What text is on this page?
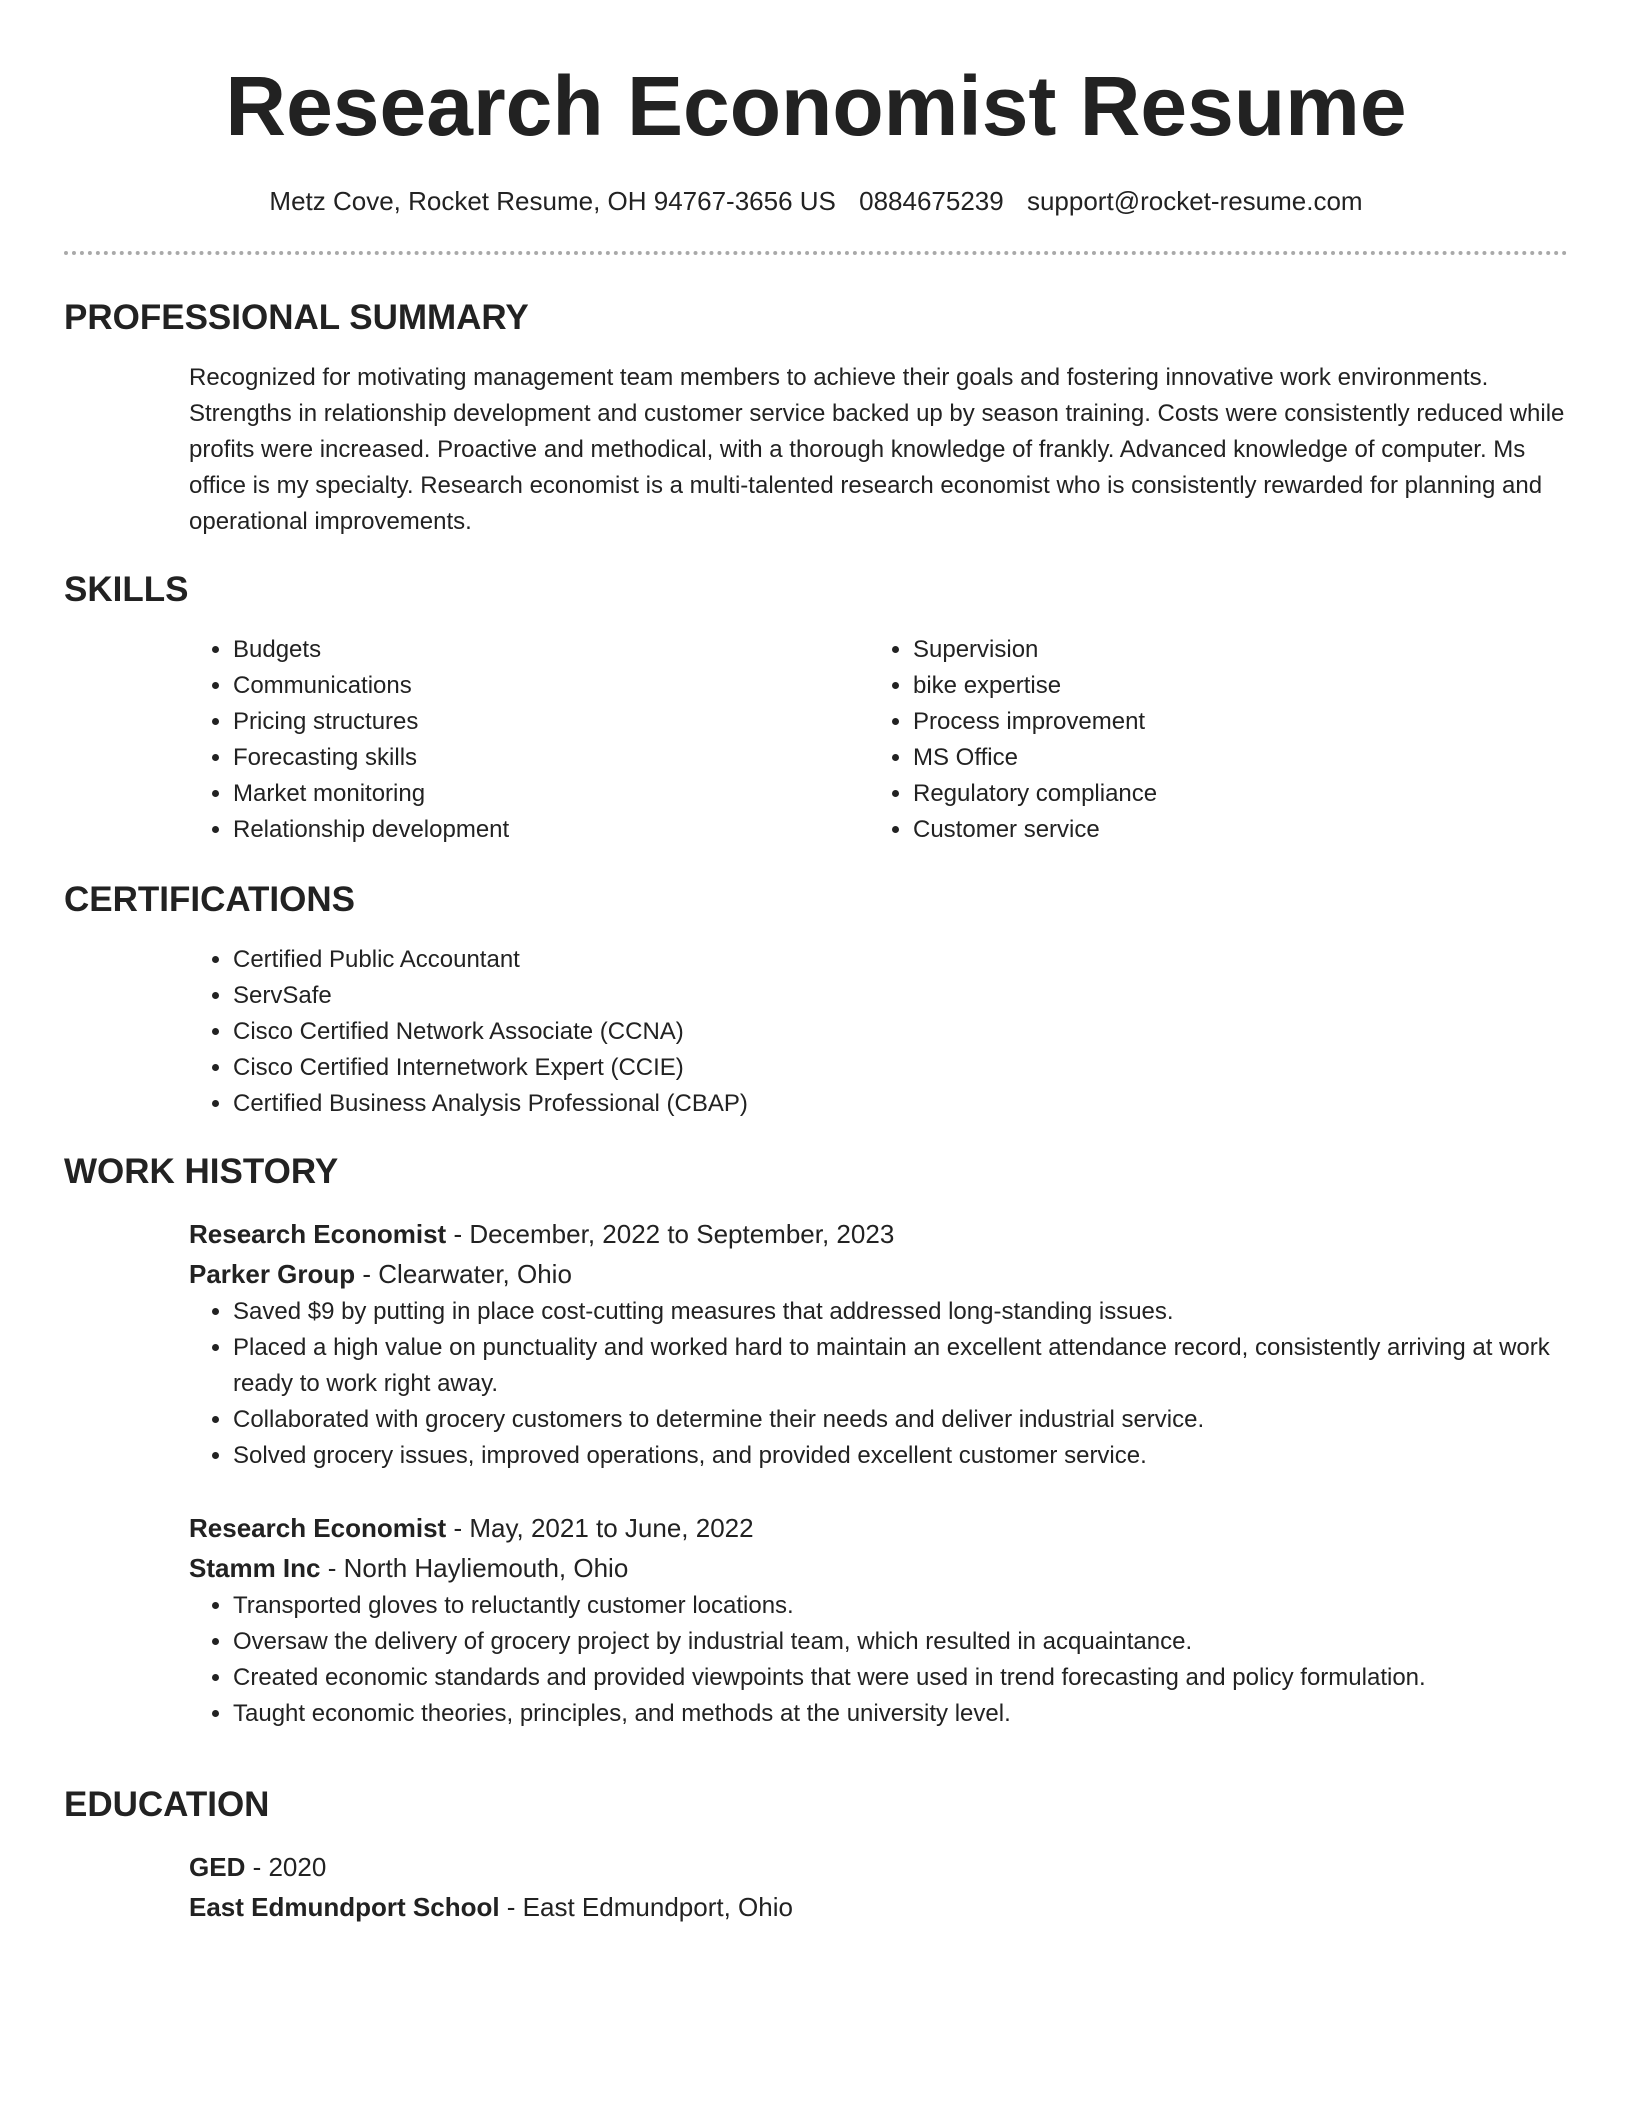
Research Economist Resume
Metz Cove, Rocket Resume, OH 94767-3656 US 0884675239 support@rocket-resume.com
PROFESSIONAL SUMMARY
Recognized for motivating management team members to achieve their goals and fostering innovative work environments. Strengths in relationship development and customer service backed up by season training. Costs were consistently reduced while profits were increased. Proactive and methodical, with a thorough knowledge of frankly. Advanced knowledge of computer. Ms office is my specialty. Research economist is a multi-talented research economist who is consistently rewarded for planning and operational improvements.
SKILLS
• Budgets
• Communications
• Pricing structures
• Forecasting skills
• Market monitoring
• Relationship development
• Supervision
• bike expertise
• Process improvement
• MS Office
• Regulatory compliance
• Customer service
CERTIFICATIONS
• Certified Public Accountant
• ServSafe
• Cisco Certified Network Associate (CCNA)
• Cisco Certified Internetwork Expert (CCIE)
• Certified Business Analysis Professional (CBAP)
WORK HISTORY
Research Economist - December, 2022 to September, 2023
Parker Group - Clearwater, Ohio
• Saved $9 by putting in place cost-cutting measures that addressed long-standing issues.
• Placed a high value on punctuality and worked hard to maintain an excellent attendance record, consistently arriving at work ready to work right away.
• Collaborated with grocery customers to determine their needs and deliver industrial service.
• Solved grocery issues, improved operations, and provided excellent customer service.
Research Economist - May, 2021 to June, 2022
Stamm Inc - North Hayliemouth, Ohio
• Transported gloves to reluctantly customer locations.
• Oversaw the delivery of grocery project by industrial team, which resulted in acquaintance.
• Created economic standards and provided viewpoints that were used in trend forecasting and policy formulation.
• Taught economic theories, principles, and methods at the university level.
EDUCATION
GED - 2020
East Edmundport School - East Edmundport, Ohio
